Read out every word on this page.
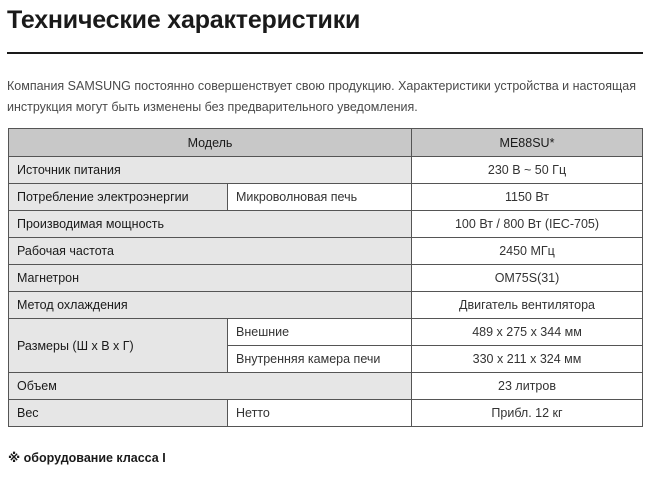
Технические характеристики

Компания SAMSUNG постоянно совершенствует свою продукцию. Характеристики устройства и настоящая

инструкция могут быть изменены без предварительного уведомления.

Модель		ME88SU*
Источник питания		230 В ~ 50 Гц
Потребление электроэнергии	Микроволновая печь	1150 Вт
Производимая мощность		100 Вт / 800 Вт (IEC-705)
Рабочая частота		2450 МГц
Магнетрон		OM75S(31)
Метод охлаждения		Двигатель вентилятора
Размеры (Ш x В x Г)	Внешние	489 x 275 x 344 мм
	Внутренняя камера печи	330 x 211 x 324 мм
Объем		23 литров
Вес	Нетто	Прибл. 12 кг
※ оборудование класса I
